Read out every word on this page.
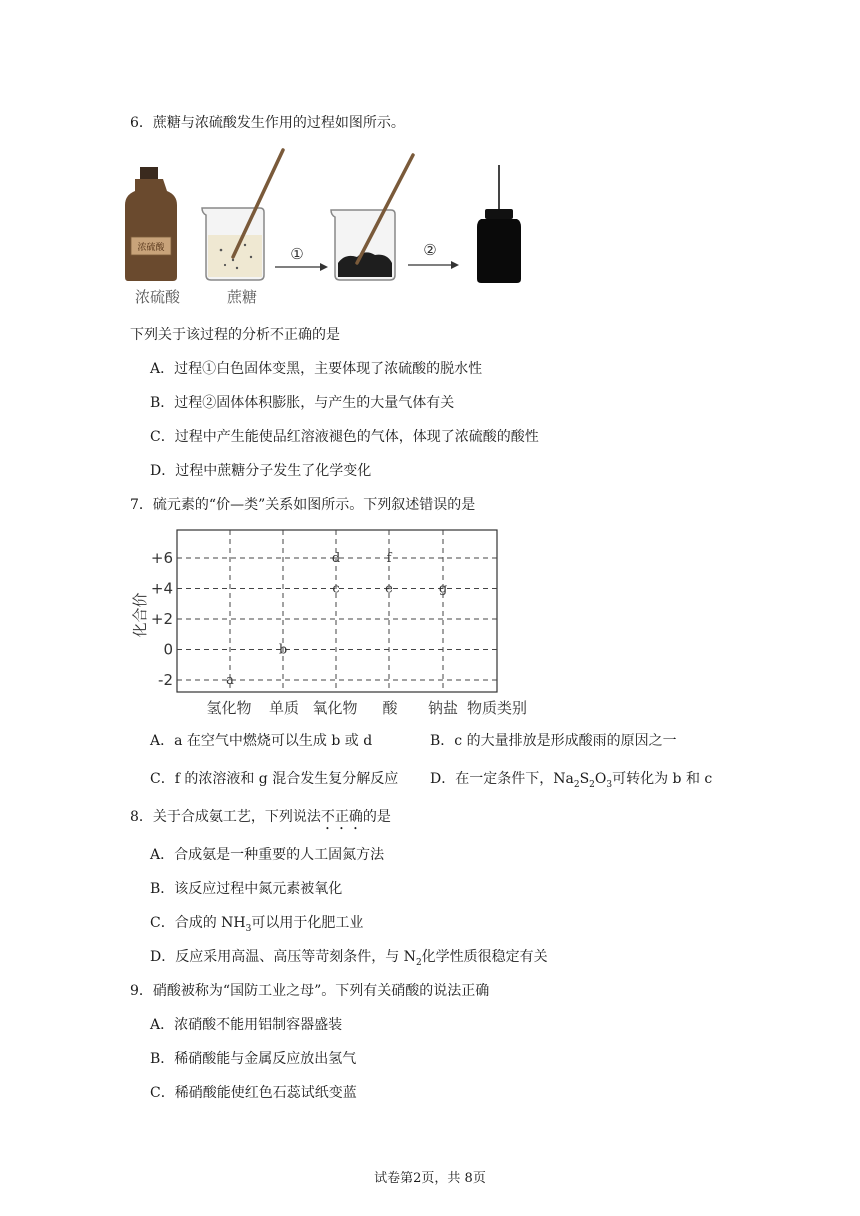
6．蔗糖与浓硫酸发生作用的过程如图所示。
浓硫酸	①	②
浓硫酸	蔗糖
下列关于该过程的分析不正确的是
A．过程①白色固体变黑，主要体现了浓硫酸的脱水性
B．过程②固体体积膨胀，与产生的大量气体有关
C．过程中产生能使品红溶液褪色的气体，体现了浓硫酸的酸性
D．过程中蔗糖分子发生了化学变化
7．硫元素的“价—类”关系如图所示。下列叙述错误的是
化合价
+6
+4
+2
0
-2
氢化物 单质 氧化物 酸 钠盐 物质类别
a
b
c
d
e
f
g
A．a 在空气中燃烧可以生成 b 或 d	B．c 的大量排放是形成酸雨的原因之一
C．f 的浓溶液和 g 混合发生复分解反应 D．在一定条件下，$Na_2S_2O_3$可转化为 b 和 c
8．关于合成氨工艺，下列说法不正确的是
A．合成氨是一种重要的人工固氮方法
B．该反应过程中氮元素被氧化
C．合成的 $NH_3$可以用于化肥工业
D．反应采用高温、高压等苛刻条件，与 $N_2$化学性质很稳定有关
9．硝酸被称为“国防工业之母”。下列有关硝酸的说法正确
A．浓硝酸不能用铝制容器盛装
B．稀硝酸能与金属反应放出氢气
C．稀硝酸能使红色石蕊试纸变蓝
试卷第2页，共 8页
